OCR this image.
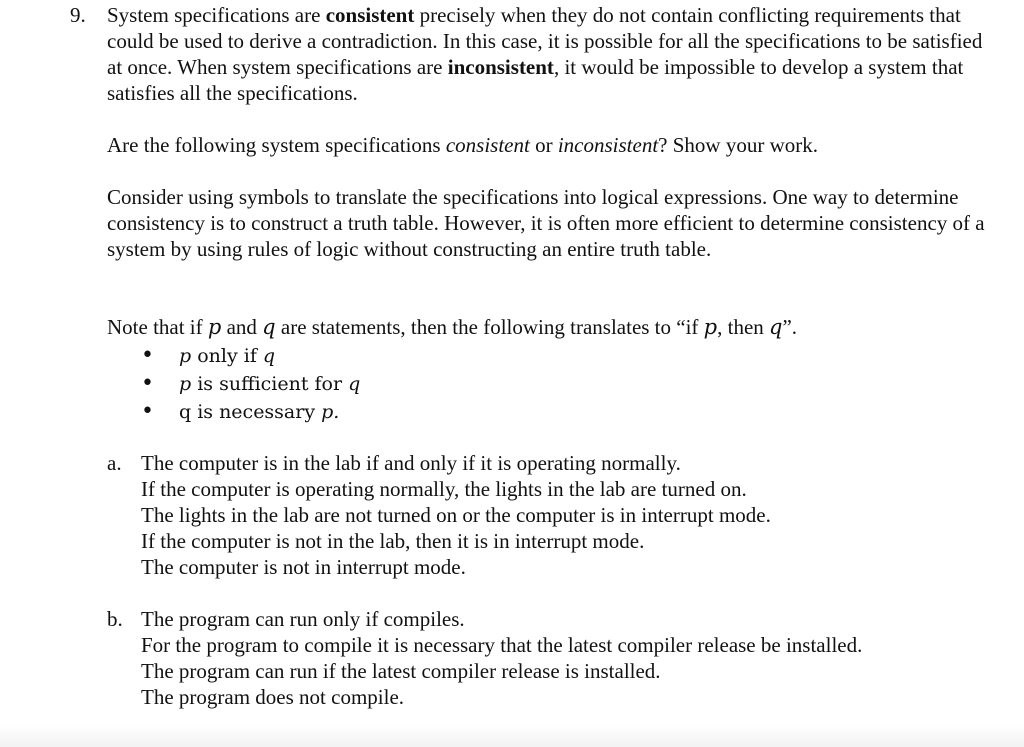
9. System specifications are consistent precisely when they do not contain conflicting requirements that could be used to derive a contradiction. In this case, it is possible for all the specifications to be satisfied at once. When system specifications are inconsistent, it would be impossible to develop a system that satisfies all the specifications.

Are the following system specifications consistent or inconsistent? Show your work.

Consider using symbols to translate the specifications into logical expressions. One way to determine consistency is to construct a truth table. However, it is often more efficient to determine consistency of a system by using rules of logic without constructing an entire truth table.

Note that if p and q are statements, then the following translates to “if p, then q”.

• p only if q
• p is sufficient for q
• q is necessary p.
a. The computer is in the lab if and only if it is operating normally.
If the computer is operating normally, the lights in the lab are turned on.
The lights in the lab are not turned on or the computer is in interrupt mode.
If the computer is not in the lab, then it is in interrupt mode.
The computer is not in interrupt mode.
b. The program can run only if compiles.
For the program to compile it is necessary that the latest compiler release be installed.
The program can run if the latest compiler release is installed.
The program does not compile.
